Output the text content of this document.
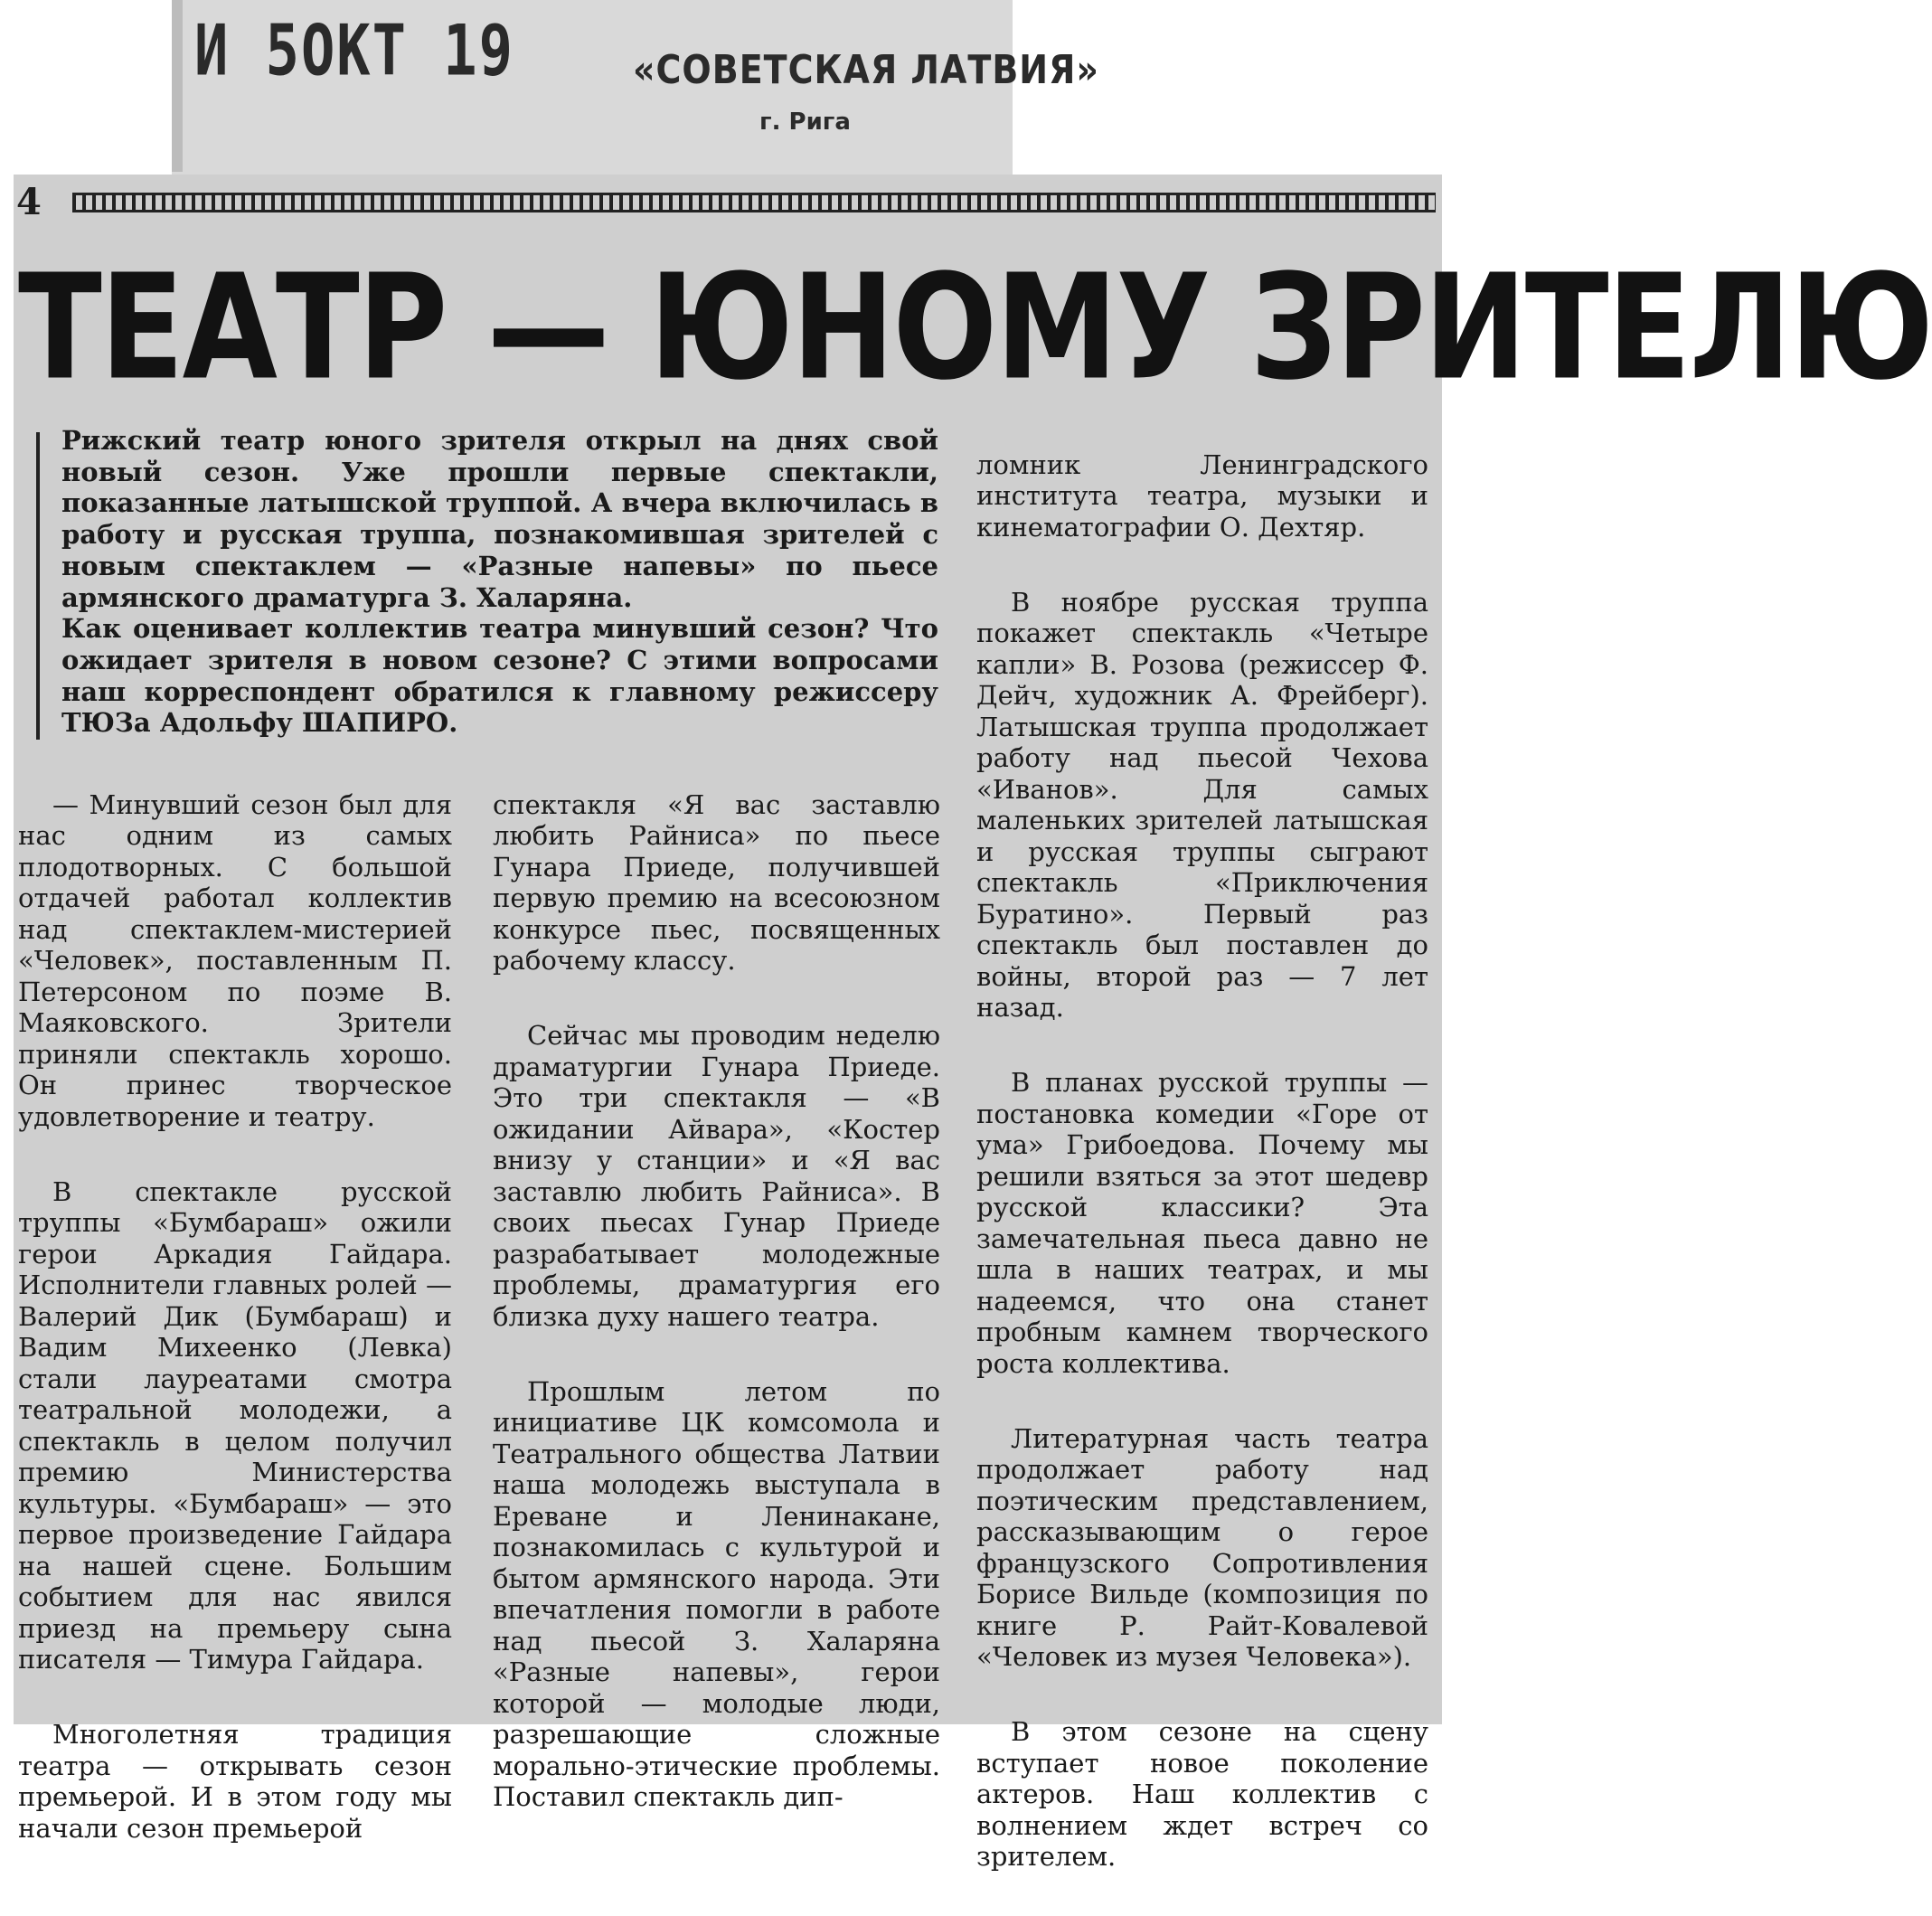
И 5ОКТ 19	«СОВЕТСКАЯ ЛАТВИЯ»
г. Рига
4
ТЕАТР — ЮНОМУ ЗРИТЕЛЮ
Рижский театр юного зрителя открыл на днях свой новый сезон. Уже прошли первые спектакли, показанные латышской труппой. А вчера включилась в работу и русская труппа, познакомившая зрителей с новым спектаклем — «Разные напевы» по пьесе армянского драматурга З. Халаряна.
Как оценивает коллектив театра минувший сезон? Что ожидает зрителя в новом сезоне? С этими вопросами наш корреспондент обратился к главному режиссеру ТЮЗа Адольфу ШАПИРО.

— Минувший сезон был для нас одним из самых плодотворных. С большой отдачей работал коллектив над спектаклем-мистерией «Человек», поставленным П. Петерсоном по поэме В. Маяковского. Зрители приняли спектакль хорошо. Он принес творческое удовлетворение и театру.

В спектакле русской труппы «Бумбараш» ожили герои Аркадия Гайдара. Исполнители главных ролей — Валерий Дик (Бумбараш) и Вадим Михеенко (Левка) стали лауреатами смотра театральной молодежи, а спектакль в целом получил премию Министерства культуры. «Бумбараш» — это первое произведение Гайдара на нашей сцене. Большим событием для нас явился приезд на премьеру сына писателя — Тимура Гайдара.

Многолетняя традиция театра — открывать сезон премьерой. И в этом году мы начали сезон премьерой

спектакля «Я вас заставлю любить Райниса» по пьесе Гунара Приеде, получившей первую премию на всесоюзном конкурсе пьес, посвященных рабочему классу.

Сейчас мы проводим неделю драматургии Гунара Приеде. Это три спектакля — «В ожидании Айвара», «Костер внизу у станции» и «Я вас заставлю любить Райниса». В своих пьесах Гунар Приеде разрабатывает молодежные проблемы, драматургия его близка духу нашего театра.

Прошлым летом по инициативе ЦК комсомола и Театрального общества Латвии наша молодежь выступала в Ереване и Ленинакане, познакомилась с культурой и бытом армянского народа. Эти впечатления помогли в работе над пьесой З. Халаряна «Разные напевы», герои которой — молодые люди, разрешающие сложные морально-этические проблемы. Поставил спектакль дип-

ломник Ленинградского института театра, музыки и кинематографии О. Дехтяр.

В ноябре русская труппа покажет спектакль «Четыре капли» В. Розова (режиссер Ф. Дейч, художник А. Фрейберг). Латышская труппа продолжает работу над пьесой Чехова «Иванов». Для самых маленьких зрителей латышская и русская труппы сыграют спектакль «Приключения Буратино». Первый раз спектакль был поставлен до войны, второй раз — 7 лет назад.

В планах русской труппы — постановка комедии «Горе от ума» Грибоедова. Почему мы решили взяться за этот шедевр русской классики? Эта замечательная пьеса давно не шла в наших театрах, и мы надеемся, что она станет пробным камнем творческого роста коллектива.

Литературная часть театра продолжает работу над поэтическим представлением, рассказывающим о герое французского Сопротивления Борисе Вильде (композиция по книге Р. Райт-Ковалевой «Человек из музея Человека»).

В этом сезоне на сцену вступает новое поколение актеров. Наш коллектив с волнением ждет встреч со зрителем.
